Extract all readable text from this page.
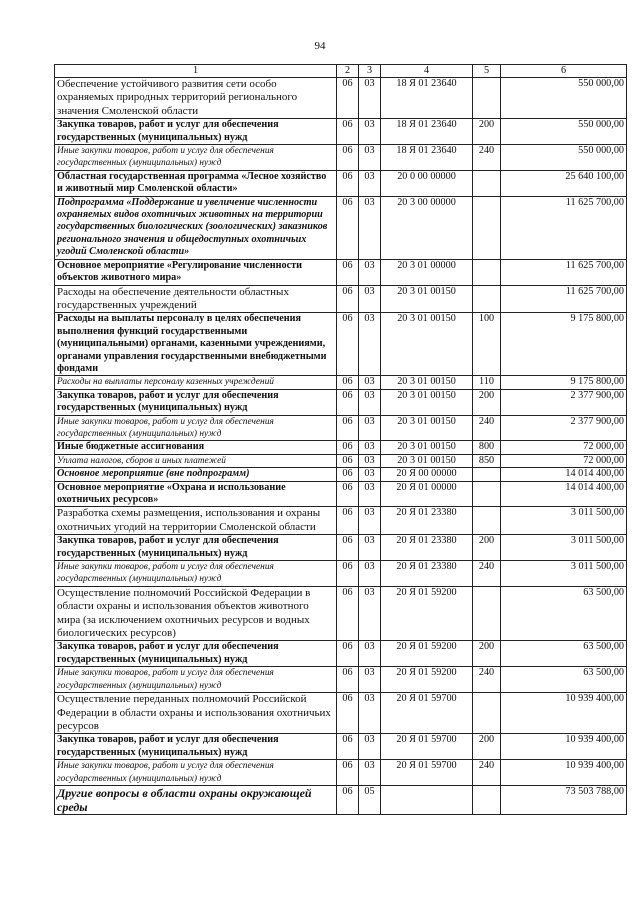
94
1	2	3	4	5	6
Обеспечение устойчивого развития сети особо охраняемых природных территорий регионального значения Смоленской области	06	03	18 Я 01 23640		550 000,00
Закупка товаров, работ и услуг для обеспечения государственных (муниципальных) нужд	06	03	18 Я 01 23640	200	550 000,00
Иные закупки товаров, работ и услуг для обеспечения государственных (муниципальных) нужд	06	03	18 Я 01 23640	240	550 000,00
Областная государственная программа «Лесное хозяйство и животный мир Смоленской области»	06	03	20 0 00 00000		25 640 100,00
Подпрограмма «Поддержание и увеличение численности охраняемых видов охотничьих животных на территории государственных биологических (зоологических) заказников регионального значения и общедоступных охотничьих угодий Смоленской области»	06	03	20 3 00 00000		11 625 700,00
Основное мероприятие «Регулирование численности объектов животного мира»	06	03	20 3 01 00000		11 625 700,00
Расходы на обеспечение деятельности областных государственных учреждений	06	03	20 3 01 00150		11 625 700,00
Расходы на выплаты персоналу в целях обеспечения выполнения функций государственными (муниципальными) органами, казенными учреждениями, органами управления государственными внебюджетными фондами	06	03	20 3 01 00150	100	9 175 800,00
Расходы на выплаты персоналу казенных учреждений	06	03	20 3 01 00150	110	9 175 800,00
Закупка товаров, работ и услуг для обеспечения государственных (муниципальных) нужд	06	03	20 3 01 00150	200	2 377 900,00
Иные закупки товаров, работ и услуг для обеспечения государственных (муниципальных) нужд	06	03	20 3 01 00150	240	2 377 900,00
Иные бюджетные ассигнования	06	03	20 3 01 00150	800	72 000,00
Уплата налогов, сборов и иных платежей	06	03	20 3 01 00150	850	72 000,00
Основное мероприятие (вне подпрограмм)	06	03	20 Я 00 00000		14 014 400,00
Основное мероприятие «Охрана и использование охотничьих ресурсов»	06	03	20 Я 01 00000		14 014 400,00
Разработка схемы размещения, использования и охраны охотничьих угодий на территории Смоленской области	06	03	20 Я 01 23380		3 011 500,00
Закупка товаров, работ и услуг для обеспечения государственных (муниципальных) нужд	06	03	20 Я 01 23380	200	3 011 500,00
Иные закупки товаров, работ и услуг для обеспечения государственных (муниципальных) нужд	06	03	20 Я 01 23380	240	3 011 500,00
Осуществление полномочий Российской Федерации в области охраны и использования объектов животного мира (за исключением охотничьих ресурсов и водных биологических ресурсов)	06	03	20 Я 01 59200		63 500,00
Закупка товаров, работ и услуг для обеспечения государственных (муниципальных) нужд	06	03	20 Я 01 59200	200	63 500,00
Иные закупки товаров, работ и услуг для обеспечения государственных (муниципальных) нужд	06	03	20 Я 01 59200	240	63 500,00
Осуществление переданных полномочий Российской Федерации в области охраны и использования охотничьих ресурсов	06	03	20 Я 01 59700		10 939 400,00
Закупка товаров, работ и услуг для обеспечения государственных (муниципальных) нужд	06	03	20 Я 01 59700	200	10 939 400,00
Иные закупки товаров, работ и услуг для обеспечения государственных (муниципальных) нужд	06	03	20 Я 01 59700	240	10 939 400,00
Другие вопросы в области охраны окружающей среды	06	05			73 503 788,00
